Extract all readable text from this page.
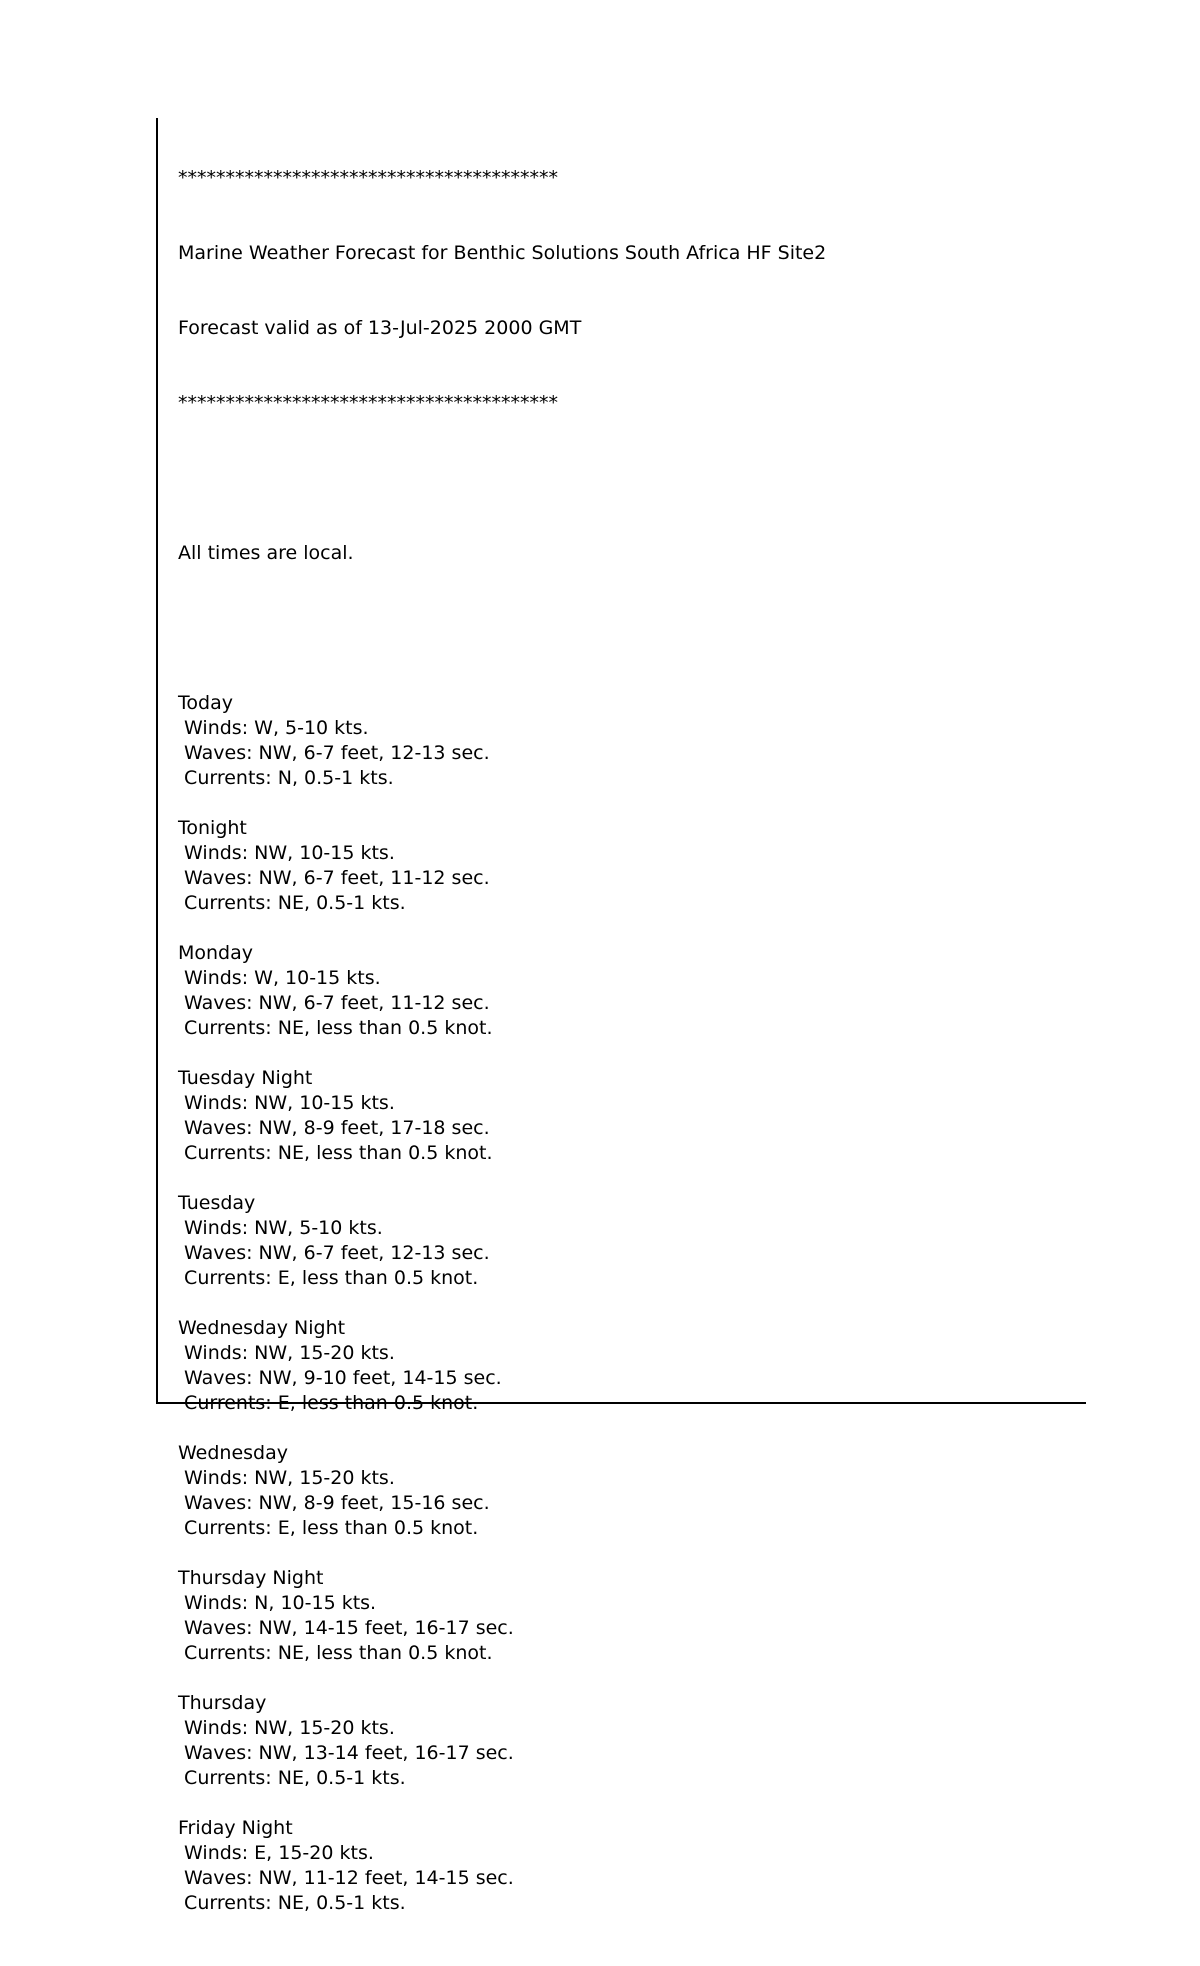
****************************************

Marine Weather Forecast for Benthic Solutions South Africa HF Site2

Forecast valid as of 13-Jul-2025 2000 GMT

****************************************

All times are local.

Today
Winds: W, 5-10 kts.
Waves: NW, 6-7 feet, 12-13 sec.
Currents: N, 0.5-1 kts.
Tonight
Winds: NW, 10-15 kts.
Waves: NW, 6-7 feet, 11-12 sec.
Currents: NE, 0.5-1 kts.
Monday
Winds: W, 10-15 kts.
Waves: NW, 6-7 feet, 11-12 sec.
Currents: NE, less than 0.5 knot.
Tuesday Night
Winds: NW, 10-15 kts.
Waves: NW, 8-9 feet, 17-18 sec.
Currents: NE, less than 0.5 knot.
Tuesday
Winds: NW, 5-10 kts.
Waves: NW, 6-7 feet, 12-13 sec.
Currents: E, less than 0.5 knot.
Wednesday Night
Winds: NW, 15-20 kts.
Waves: NW, 9-10 feet, 14-15 sec.
Currents: E, less than 0.5 knot.
Wednesday
Winds: NW, 15-20 kts.
Waves: NW, 8-9 feet, 15-16 sec.
Currents: E, less than 0.5 knot.
Thursday Night
Winds: N, 10-15 kts.
Waves: NW, 14-15 feet, 16-17 sec.
Currents: NE, less than 0.5 knot.
Thursday
Winds: NW, 15-20 kts.
Waves: NW, 13-14 feet, 16-17 sec.
Currents: NE, 0.5-1 kts.
Friday Night
Winds: E, 15-20 kts.
Waves: NW, 11-12 feet, 14-15 sec.
Currents: NE, 0.5-1 kts.
